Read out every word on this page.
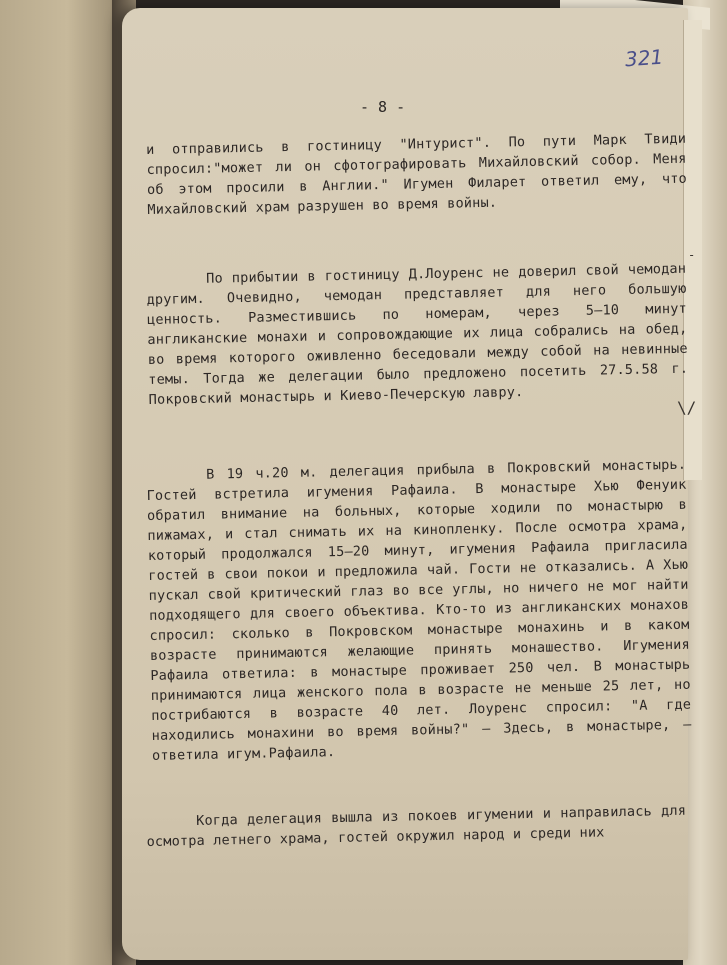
321
- 8 -

и отправились в гостиницу "Интурист". По пути Марк Твиди спросил:"может ли он сфотографировать Михайловский собор. Меня об этом просили в Англии." Игумен Филарет ответил ему, что Михайловский храм разрушен во время войны.

По прибытии в гостиницу Д.Лоуренс не доверил свой чемодан другим. Очевидно, чемодан представляет для него большую ценность. Разместившись по номерам, через 5–10 минут англиканские монахи и сопровождающие их лица собрались на обед, во время которого оживленно беседовали между собой на невинные темы. Тогда же делегации было предложено посетить 27.5.58 г. Покровский монастырь и Киево-Печерскую лавру.

В 19 ч.20 м. делегация прибыла в Покровский монастырь. Гостей встретила игумения Рафаила. В монастыре Хью Фенуик обратил внимание на больных, которые ходили по монастырю в пижамах, и стал снимать их на кинопленку. После осмотра храма, который продолжался 15–20 минут, игумения Рафаила пригласила гостей в свои покои и предложила чай. Гости не отказались. А Хью пускал свой критический глаз во все углы, но ничего не мог найти подходящего для своего объектива. Кто-то из англиканских монахов спросил: сколько в Покровском монастыре монахинь и в каком возрасте принимаются желающие принять монашество. Игумения Рафаила ответила: в монастыре проживает 250 чел. В монастырь принимаются лица женского пола в возрасте не меньше 25 лет, но пострибаются в возрасте 40 лет. Лоуренс спросил: "А где находились монахини во время войны?" – Здесь, в монастыре, – ответила игум.Рафаила.

Когда делегация вышла из покоев игумении и направилась для осмотра летнего храма, гостей окружил народ и среди них

-
\/
